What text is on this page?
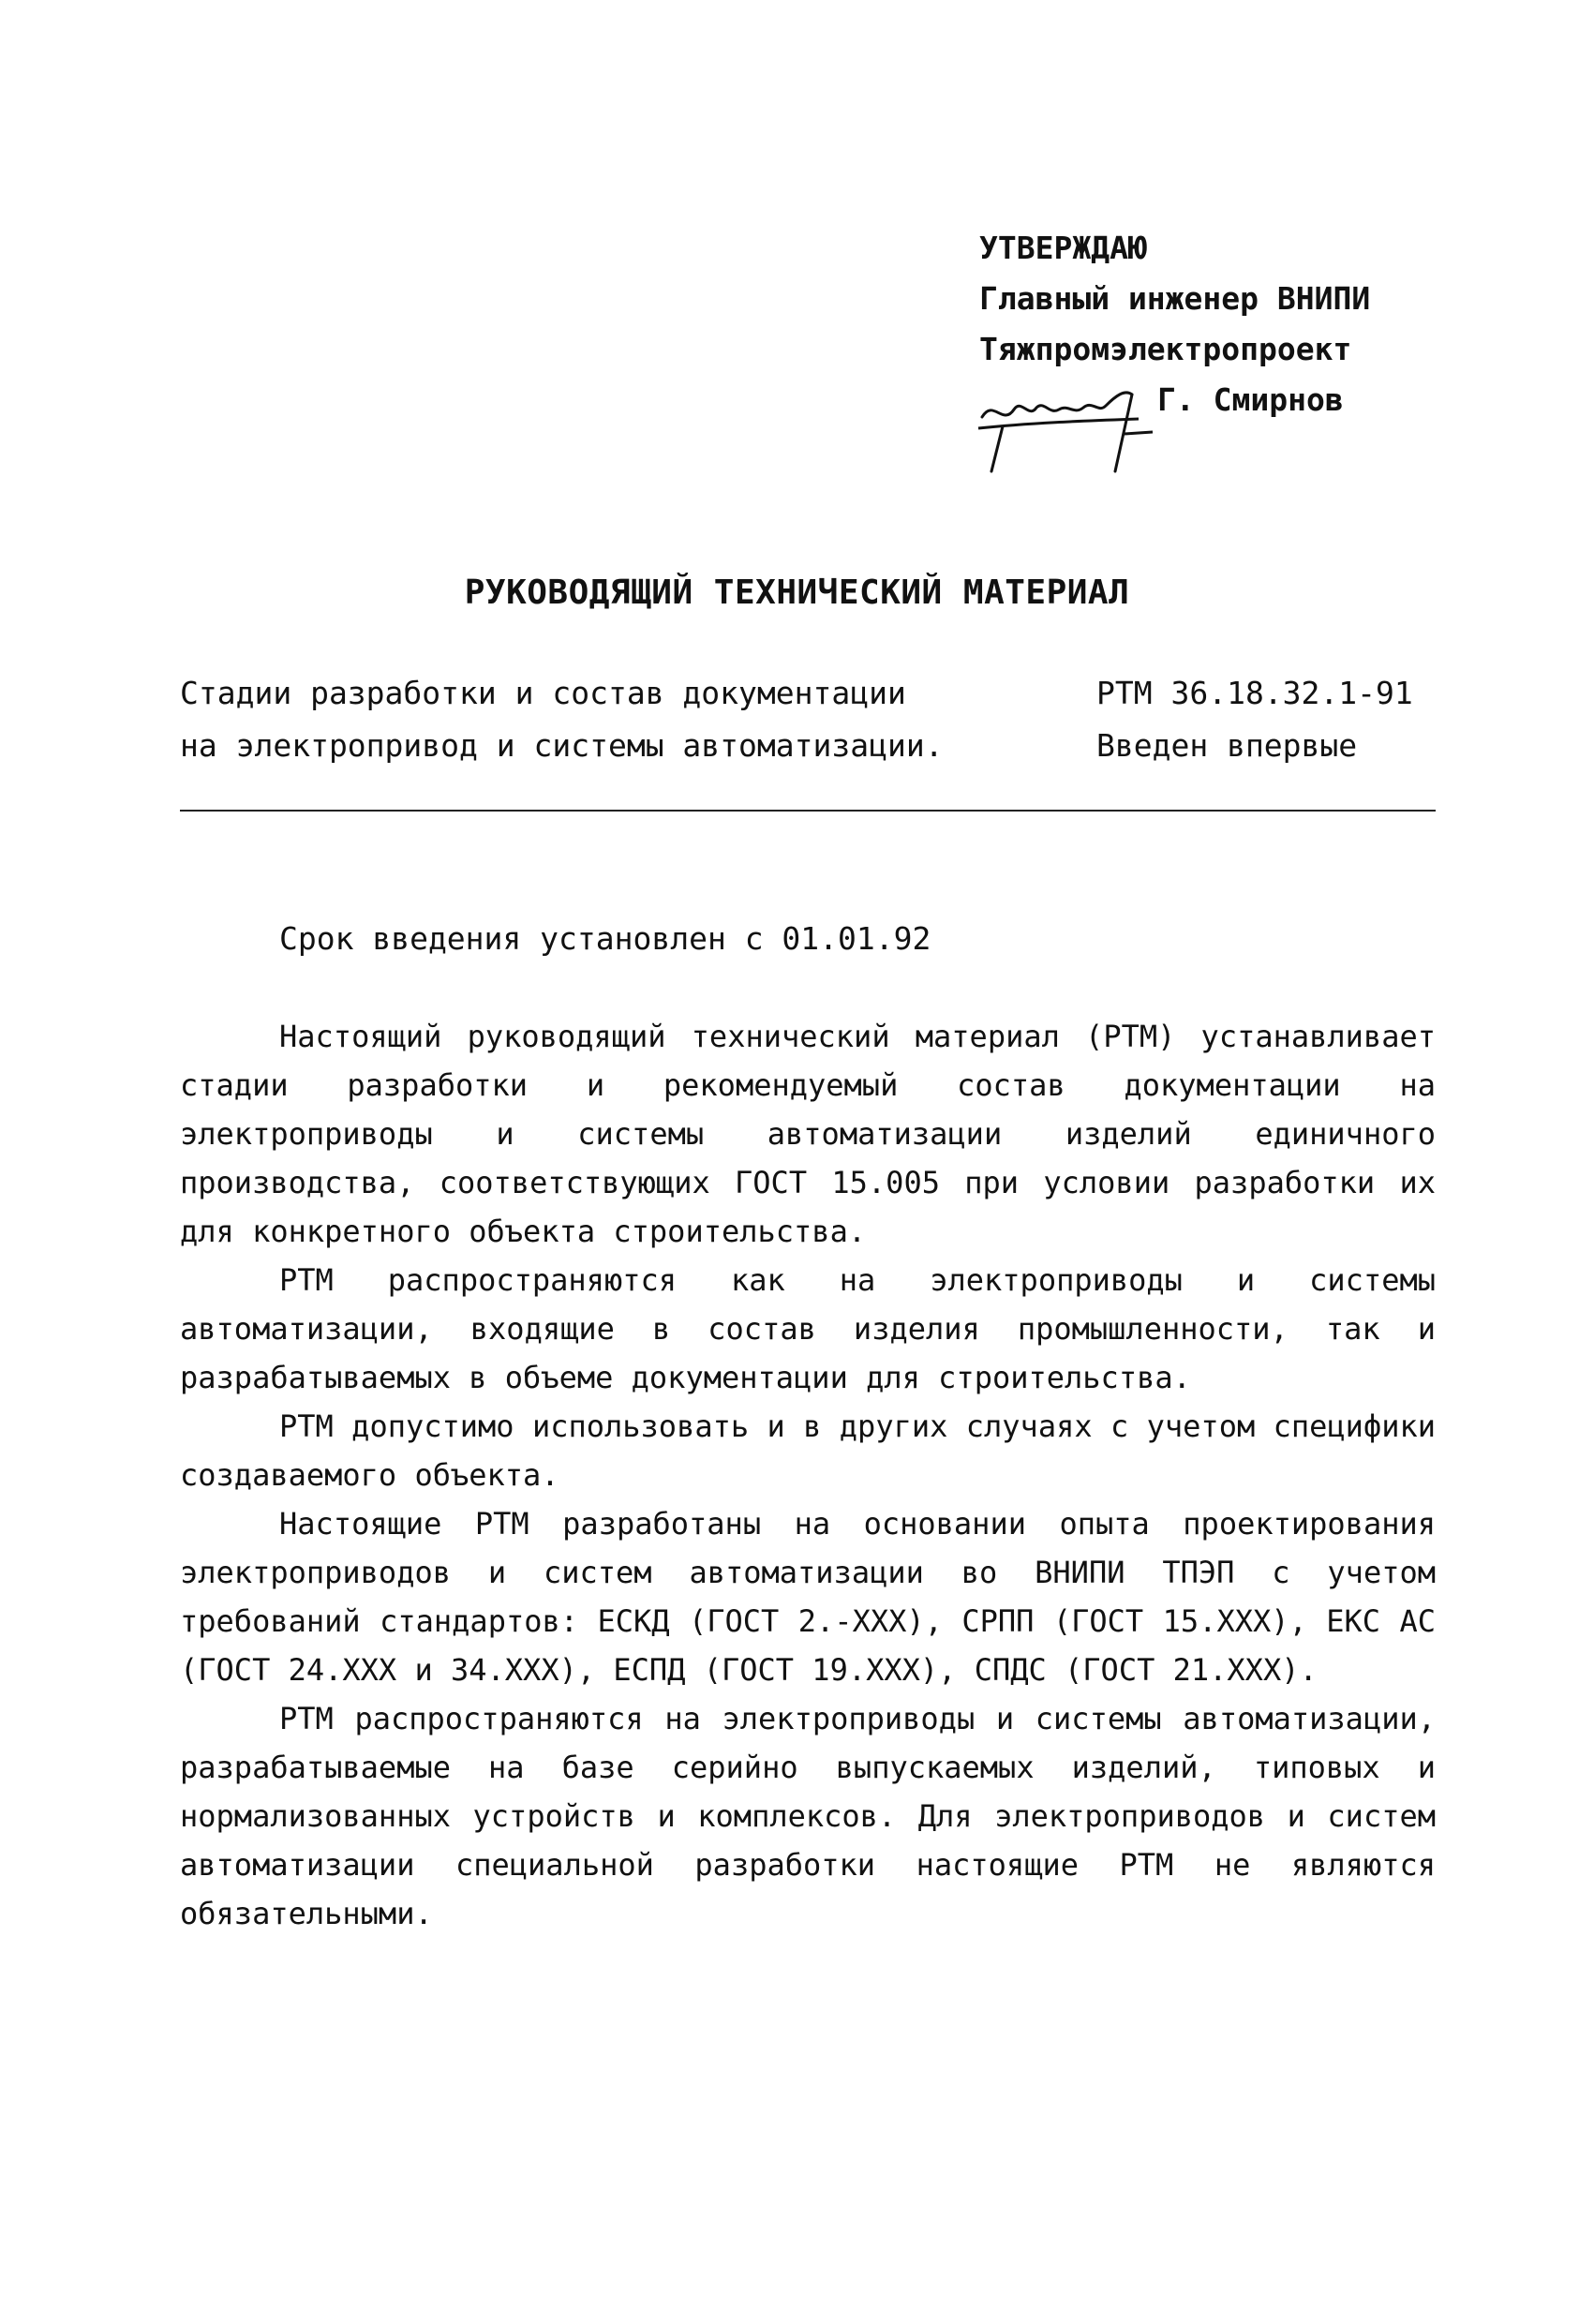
УТВЕРЖДАЮ
Главный инженер ВНИПИ
Тяжпромэлектропроект
Г. Смирнов
РУКОВОДЯЩИЙ ТЕХНИЧЕСКИЙ МАТЕРИАЛ
Стадии разработки и состав документации
на электропривод и системы автоматизации.
РТМ 36.18.32.1-91
Введен впервые
Срок введения установлен с 01.01.92

Настоящий руководящий технический материал (РТМ) устанавливает стадии разработки и рекомендуемый состав документации на электроприводы и системы автоматизации изделий единичного производства, соответствующих ГОСТ 15.005 при условии разработки их для конкретного объекта строительства.

РТМ распространяются как на электроприводы и системы автоматизации, входящие в состав изделия промышленности, так и разрабатываемых в объеме документации для строительства.

РТМ допустимо использовать и в других случаях с учетом специфики создаваемого объекта.

Настоящие РТМ разработаны на основании опыта проектирования электроприводов и систем автоматизации во ВНИПИ ТПЭП с учетом требований стандартов: ЕСКД (ГОСТ 2.-ХХХ), СРПП (ГОСТ 15.ХХХ), ЕКС АС (ГОСТ 24.ХХХ и 34.ХХХ), ЕСПД (ГОСТ 19.ХХХ), СПДС (ГОСТ 21.ХХХ).

РТМ распространяются на электроприводы и системы автоматизации, разрабатываемые на базе серийно выпускаемых изделий, типовых и нормализованных устройств и комплексов. Для электроприводов и систем автоматизации специальной разработки настоящие РТМ не являются обязательными.
